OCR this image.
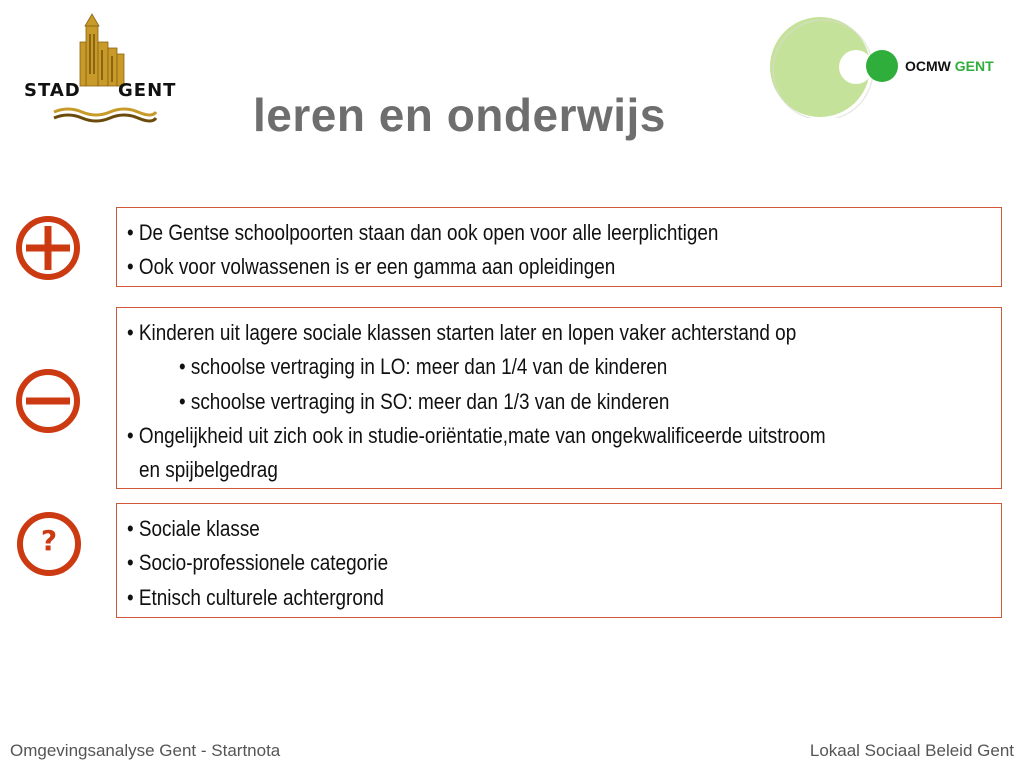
STAD GENT
OCMW GENT
leren en onderwijs
?
• De Gentse schoolpoorten staan dan ook open voor alle leerplichtigen
• Ook voor volwassenen is er een gamma aan opleidingen
• Kinderen uit lagere sociale klassen starten later en lopen vaker achterstand op
• schoolse vertraging in LO: meer dan 1/4 van de kinderen
• schoolse vertraging in SO: meer dan 1/3 van de kinderen
• Ongelijkheid uit zich ook in studie-oriëntatie,mate van ongekwalificeerde uitstroom
en spijbelgedrag
• Sociale klasse
• Socio-professionele categorie
• Etnisch culturele achtergrond
Omgevingsanalyse Gent - Startnota	Lokaal Sociaal Beleid Gent
